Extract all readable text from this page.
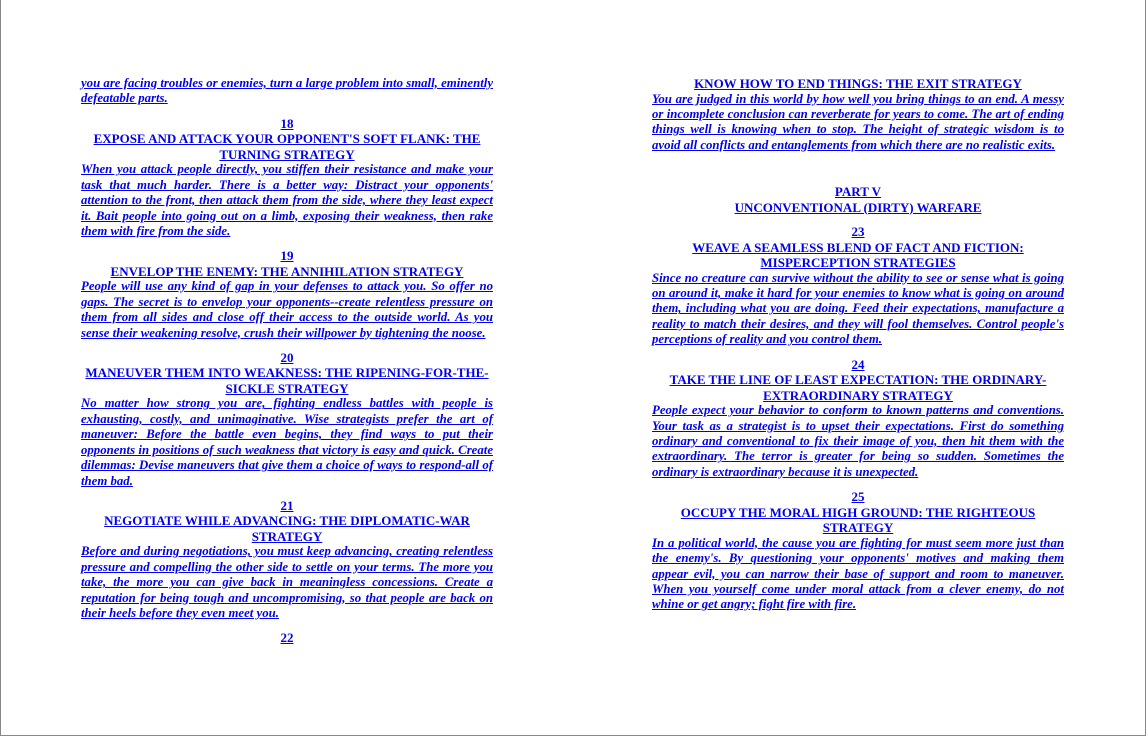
you are facing troubles or enemies, turn a large problem into small, eminently defeatable parts.

18
EXPOSE AND ATTACK YOUR OPPONENT'S SOFT FLANK: THE TURNING STRATEGY

When you attack people directly, you stiffen their resistance and make your task that much harder. There is a better way: Distract your opponents' attention to the front, then attack them from the side, where they least expect it. Bait people into going out on a limb, exposing their weakness, then rake them with fire from the side.

19
ENVELOP THE ENEMY: THE ANNIHILATION STRATEGY

People will use any kind of gap in your defenses to attack you. So offer no gaps. The secret is to envelop your opponents--create relentless pressure on them from all sides and close off their access to the outside world. As you sense their weakening resolve, crush their willpower by tightening the noose.

20
MANEUVER THEM INTO WEAKNESS: THE RIPENING-FOR-THE-SICKLE STRATEGY

No matter how strong you are, fighting endless battles with people is exhausting, costly, and unimaginative. Wise strategists prefer the art of maneuver: Before the battle even begins, they find ways to put their opponents in positions of such weakness that victory is easy and quick. Create dilemmas: Devise maneuvers that give them a choice of ways to respond-all of them bad.

21
NEGOTIATE WHILE ADVANCING: THE DIPLOMATIC-WAR STRATEGY

Before and during negotiations, you must keep advancing, creating relentless pressure and compelling the other side to settle on your terms. The more you take, the more you can give back in meaningless concessions. Create a reputation for being tough and uncompromising, so that people are back on their heels before they even meet you.

22
KNOW HOW TO END THINGS: THE EXIT STRATEGY

You are judged in this world by how well you bring things to an end. A messy or incomplete conclusion can reverberate for years to come. The art of ending things well is knowing when to stop. The height of strategic wisdom is to avoid all conflicts and entanglements from which there are no realistic exits.

PART V
UNCONVENTIONAL (DIRTY) WARFARE
23
WEAVE A SEAMLESS BLEND OF FACT AND FICTION: MISPERCEPTION STRATEGIES

Since no creature can survive without the ability to see or sense what is going on around it, make it hard for your enemies to know what is going on around them, including what you are doing. Feed their expectations, manufacture a reality to match their desires, and they will fool themselves. Control people's perceptions of reality and you control them.

24
TAKE THE LINE OF LEAST EXPECTATION: THE ORDINARY-EXTRAORDINARY STRATEGY

People expect your behavior to conform to known patterns and conventions. Your task as a strategist is to upset their expectations. First do something ordinary and conventional to fix their image of you, then hit them with the extraordinary. The terror is greater for being so sudden. Sometimes the ordinary is extraordinary because it is unexpected.

25
OCCUPY THE MORAL HIGH GROUND: THE RIGHTEOUS STRATEGY

In a political world, the cause you are fighting for must seem more just than the enemy's. By questioning your opponents' motives and making them appear evil, you can narrow their base of support and room to maneuver. When you yourself come under moral attack from a clever enemy, do not whine or get angry; fight fire with fire.
